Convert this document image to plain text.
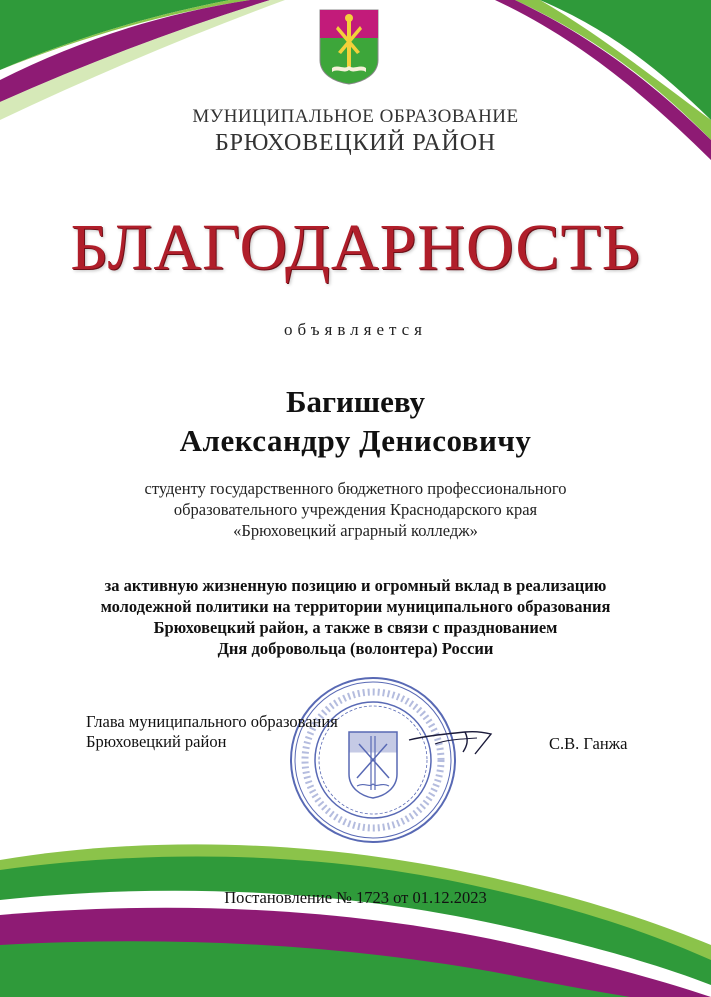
МУНИЦИПАЛЬНОЕ ОБРАЗОВАНИЕ
БРЮХОВЕЦКИЙ РАЙОН
БЛАГОДАРНОСТЬ
объявляется
Багишеву
Александру Денисовичу
студенту государственного бюджетного профессионального
образовательного учреждения Краснодарского края
«Брюховецкий аграрный колледж»
за активную жизненную позицию и огромный вклад в реализацию
молодежной политики на территории муниципального образования
Брюховецкий район, а также в связи с празднованием
Дня добровольца (волонтера) России
Глава муниципального образования
Брюховецкий район	С.В. Ганжа
Постановление № 1723 от 01.12.2023
